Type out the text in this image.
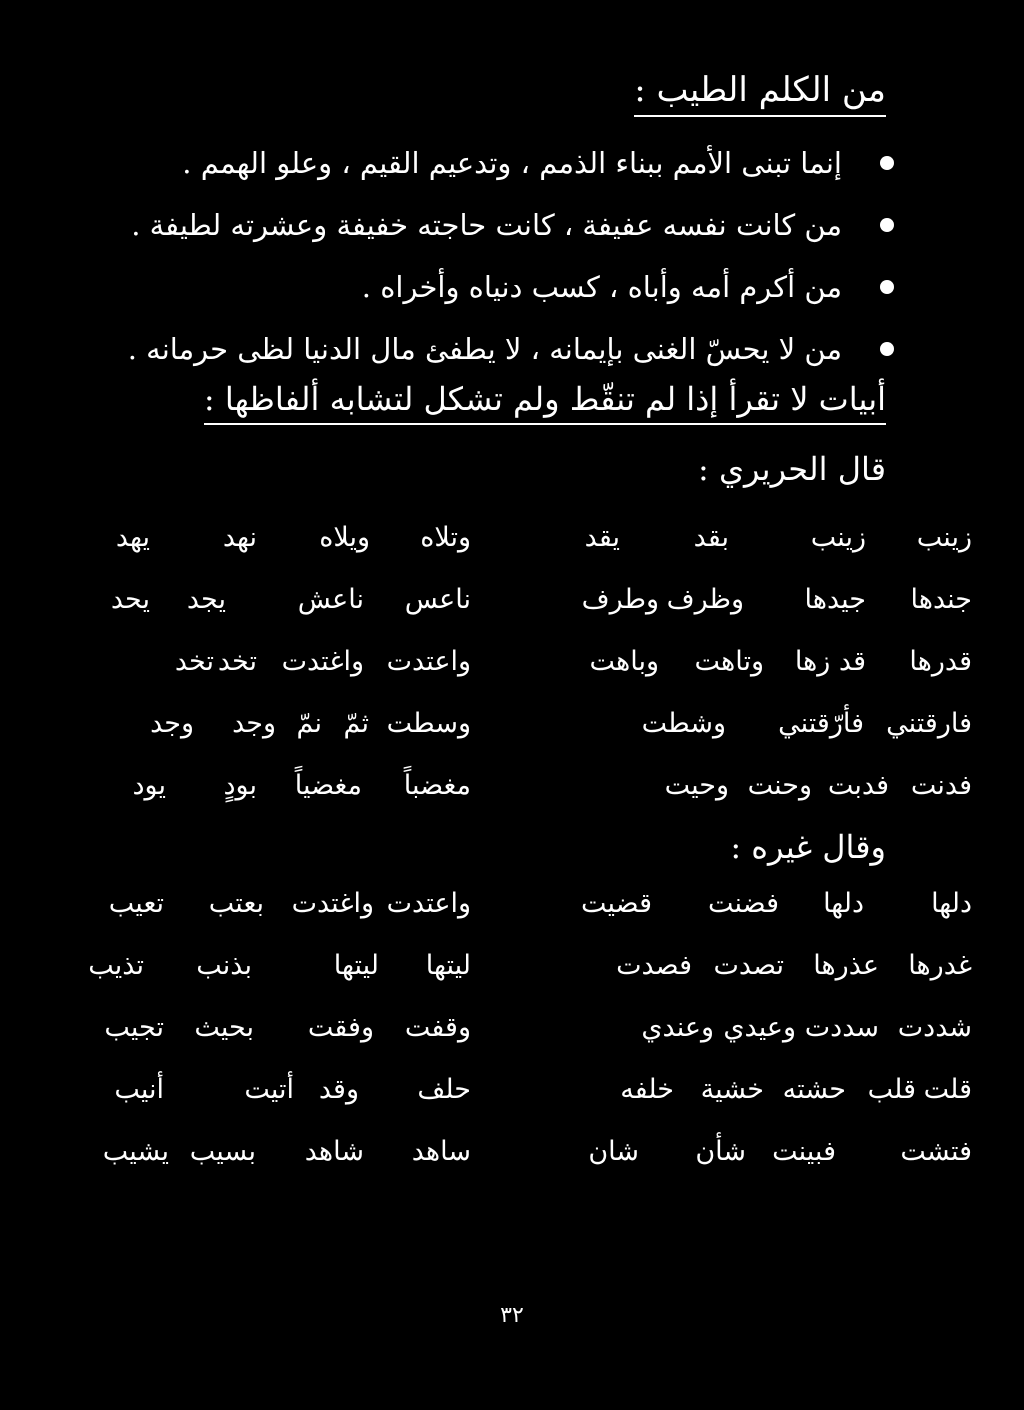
من الكلم الطيب :
إنما تبنى الأمم ببناء الذمم ، وتدعيم القيم ، وعلو الهمم .
من كانت نفسه عفيفة ، كانت حاجته خفيفة وعشرته لطيفة .
من أكرم أمه وأباه ، كسب دنياه وأخراه .
من لا يحسّ الغنى بإيمانه ، لا يطفئ مال الدنيا لظى حرمانه .
أبيات لا تقرأ إذا لم تنقّط ولم تشكل لتشابه ألفاظها :
قال الحريري :
زينب
زينب
بقد
يقد
وتلاه
ويلاه
نهد
يهد
جندها
جيدها
وظرف
وطرف
ناعس
ناعش
يجد
يحد
قدرها
قد زها
وتاهت
وباهت
واعتدت
واغتدت
تخد
تخد
فارقتني
فأرّقتني
وشطت
وسطت
ثمّ
نمّ
وجد
وجد
فدنت
فدبت
وحنت
وحيت
مغضباً
مغضياً
بودٍ
يود
وقال غيره :
دلها
دلها
فضنت
قضيت
واعتدت
واغتدت
بعتب
تعيب
غدرها
عذرها
تصدت
فصدت
ليتها
ليتها
بذنب
تذيب
شددت
سددت
وعيدي
وعندي
وقفت
وفقت
بحيث
تجيب
قلت
قلب
حشته
خشية
خلفه
حلف
وقد
أتيت
أنيب
فتشت
فبينت
شأن
شان
ساهد
شاهد
بسيب
يشيب
٣٢
